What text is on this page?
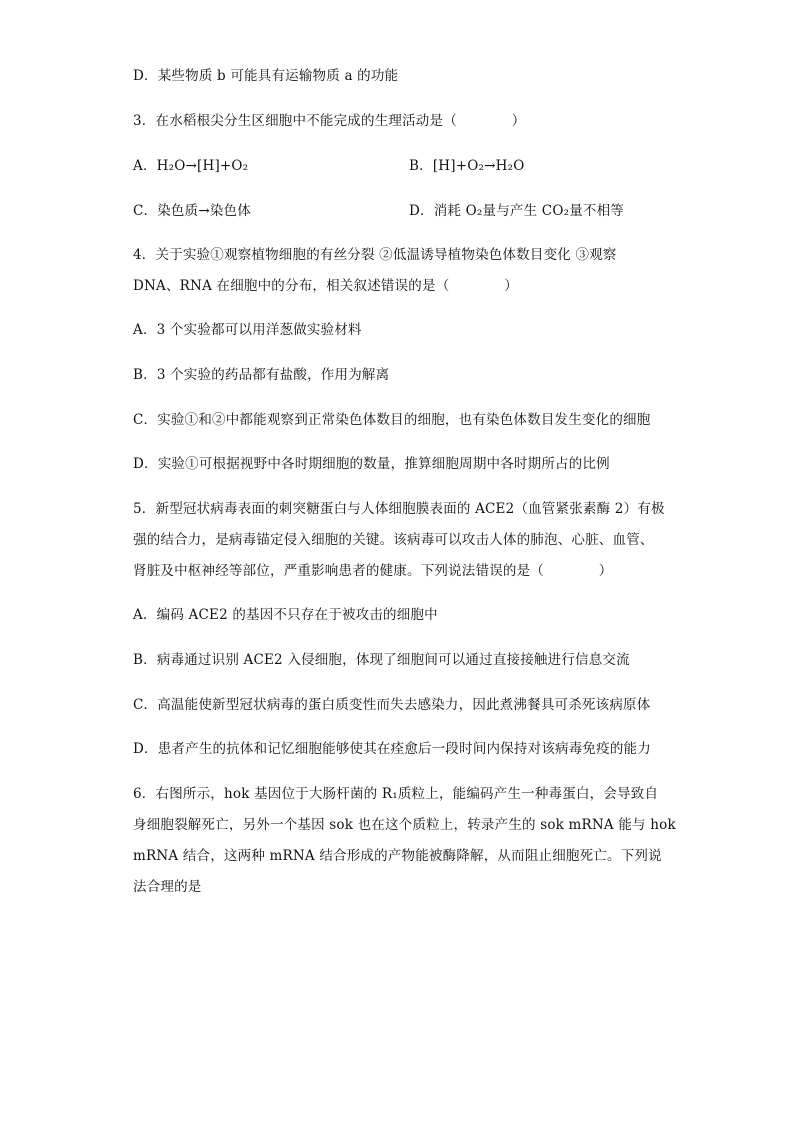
D．某些物质 b 可能具有运输物质 a 的功能
3．在水稻根尖分生区细胞中不能完成的生理活动是（　　　　）
A．H₂O→[H]+O₂	B．[H]+O₂→H₂O
C．染色质→染色体	D．消耗 O₂量与产生 CO₂量不相等
4．关于实验①观察植物细胞的有丝分裂 ②低温诱导植物染色体数目变化 ③观察
DNA、RNA 在细胞中的分布，相关叙述错误的是（　　　　）
A．3 个实验都可以用洋葱做实验材料
B．3 个实验的药品都有盐酸，作用为解离
C．实验①和②中都能观察到正常染色体数目的细胞，也有染色体数目发生变化的细胞
D．实验①可根据视野中各时期细胞的数量，推算细胞周期中各时期所占的比例
5．新型冠状病毒表面的刺突糖蛋白与人体细胞膜表面的 ACE2（血管紧张素酶 2）有极
强的结合力，是病毒锚定侵入细胞的关键。该病毒可以攻击人体的肺泡、心脏、血管、
肾脏及中枢神经等部位，严重影响患者的健康。下列说法错误的是（　　　　）
A．编码 ACE2 的基因不只存在于被攻击的细胞中
B．病毒通过识别 ACE2 入侵细胞，体现了细胞间可以通过直接接触进行信息交流
C．高温能使新型冠状病毒的蛋白质变性而失去感染力，因此煮沸餐具可杀死该病原体
D．患者产生的抗体和记忆细胞能够使其在痊愈后一段时间内保持对该病毒免疫的能力
6．右图所示，hok 基因位于大肠杆菌的 R₁质粒上，能编码产生一种毒蛋白，会导致自
身细胞裂解死亡，另外一个基因 sok 也在这个质粒上，转录产生的 sok mRNA 能与 hok
mRNA 结合，这两种 mRNA 结合形成的产物能被酶降解，从而阻止细胞死亡。下列说
法合理的是
